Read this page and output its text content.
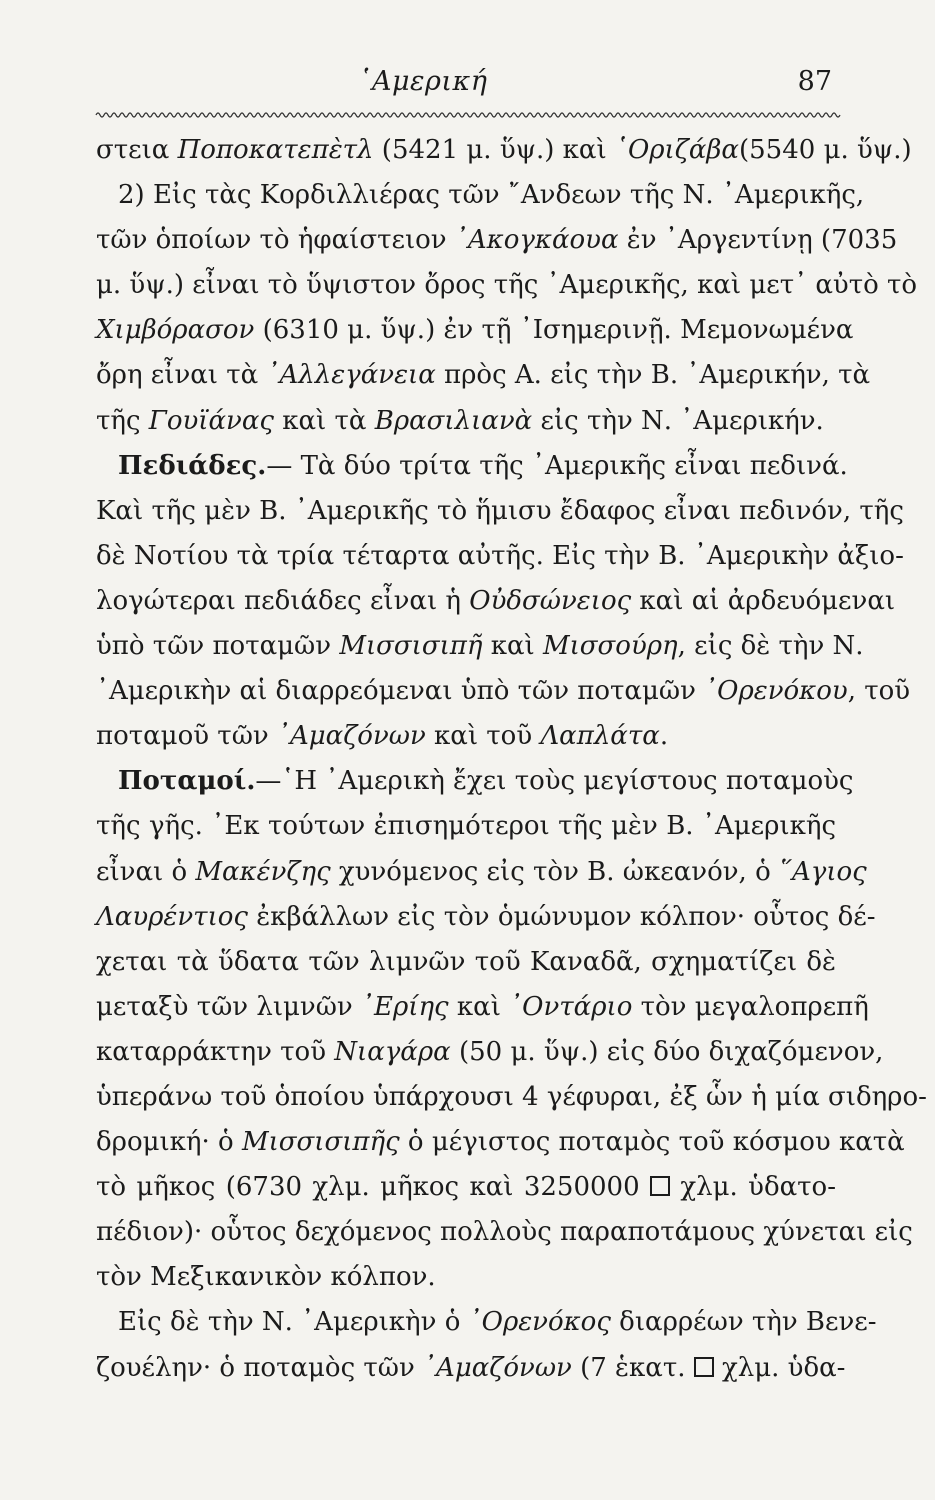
῾Αμερική	87
στεια Ποποκατεπὲτλ (5421 μ. ὕψ.) καὶ ῾Οριζάβα(5540 μ. ὕψ.)
2) Εἰς τὰς Κορδιλλιέρας τῶν ῎Ανδεων τῆς Ν. ᾿Αμερικῆς,
τῶν ὁποίων τὸ ἡφαίστειον ᾿Ακογκάουα ἐν ᾿Αργεντίνῃ (7035
μ. ὕψ.) εἶναι τὸ ὕψιστον ὄρος τῆς ᾿Αμερικῆς, καὶ μετ᾿ αὐτὸ τὸ
Χιμβόρασον (6310 μ. ὕψ.) ἐν τῇ ᾿Ισημερινῇ. Μεμονωμένα
ὄρη εἶναι τὰ ᾿Αλλεγάνεια πρὸς Α. εἰς τὴν Β. ᾿Αμερικήν, τὰ
τῆς Γουϊάνας καὶ τὰ Βρασιλιανὰ εἰς τὴν Ν. ᾿Αμερικήν.
Πεδιάδες.— Τὰ δύο τρίτα τῆς ᾿Αμερικῆς εἶναι πεδινά.
Καὶ τῆς μὲν Β. ᾿Αμερικῆς τὸ ἥμισυ ἔδαφος εἶναι πεδινόν, τῆς
δὲ Νοτίου τὰ τρία τέταρτα αὐτῆς. Εἰς τὴν Β. ᾿Αμερικὴν ἀξιο-
λογώτεραι πεδιάδες εἶναι ἡ Οὐδσώνειος καὶ αἱ ἀρδευόμεναι
ὑπὸ τῶν ποταμῶν Μισσισιπῆ καὶ Μισσούρη, εἰς δὲ τὴν Ν.
᾿Αμερικὴν αἱ διαρρεόμεναι ὑπὸ τῶν ποταμῶν ᾿Ορενόκου, τοῦ
ποταμοῦ τῶν ᾿Αμαζόνων καὶ τοῦ Λαπλάτα.
Ποταμοί.—῾Η ᾿Αμερικὴ ἔχει τοὺς μεγίστους ποταμοὺς
τῆς γῆς. ᾿Εκ τούτων ἐπισημότεροι τῆς μὲν Β. ᾿Αμερικῆς
εἶναι ὁ Μακένζης χυνόμενος εἰς τὸν Β. ὠκεανόν, ὁ ῞Αγιος
Λαυρέντιος ἐκβάλλων εἰς τὸν ὁμώνυμον κόλπον· οὗτος δέ-
χεται τὰ ὕδατα τῶν λιμνῶν τοῦ Καναδᾶ, σχηματίζει δὲ
μεταξὺ τῶν λιμνῶν ᾿Ερίης καὶ ᾿Οντάριο τὸν μεγαλοπρεπῆ
καταρράκτην τοῦ Νιαγάρα (50 μ. ὕψ.) εἰς δύο διχαζόμενον,
ὑπεράνω τοῦ ὁποίου ὑπάρχουσι 4 γέφυραι, ἐξ ὧν ἡ μία σιδηρο-
δρομική· ὁ Μισσισιπῆς ὁ μέγιστος ποταμὸς τοῦ κόσμου κατὰ
τὸ μῆκος (6730 χλμ. μῆκος καὶ 3250000  χλμ. ὑδατο-
πέδιον)· οὗτος δεχόμενος πολλοὺς παραποτάμους χύνεται εἰς
τὸν Μεξικανικὸν κόλπον.
Εἰς δὲ τὴν Ν. ᾿Αμερικὴν ὁ ᾿Ορενόκος διαρρέων τὴν Βενε-
ζουέλην· ὁ ποταμὸς τῶν ᾿Αμαζόνων (7 ἑκατ.  χλμ. ὑδα-
